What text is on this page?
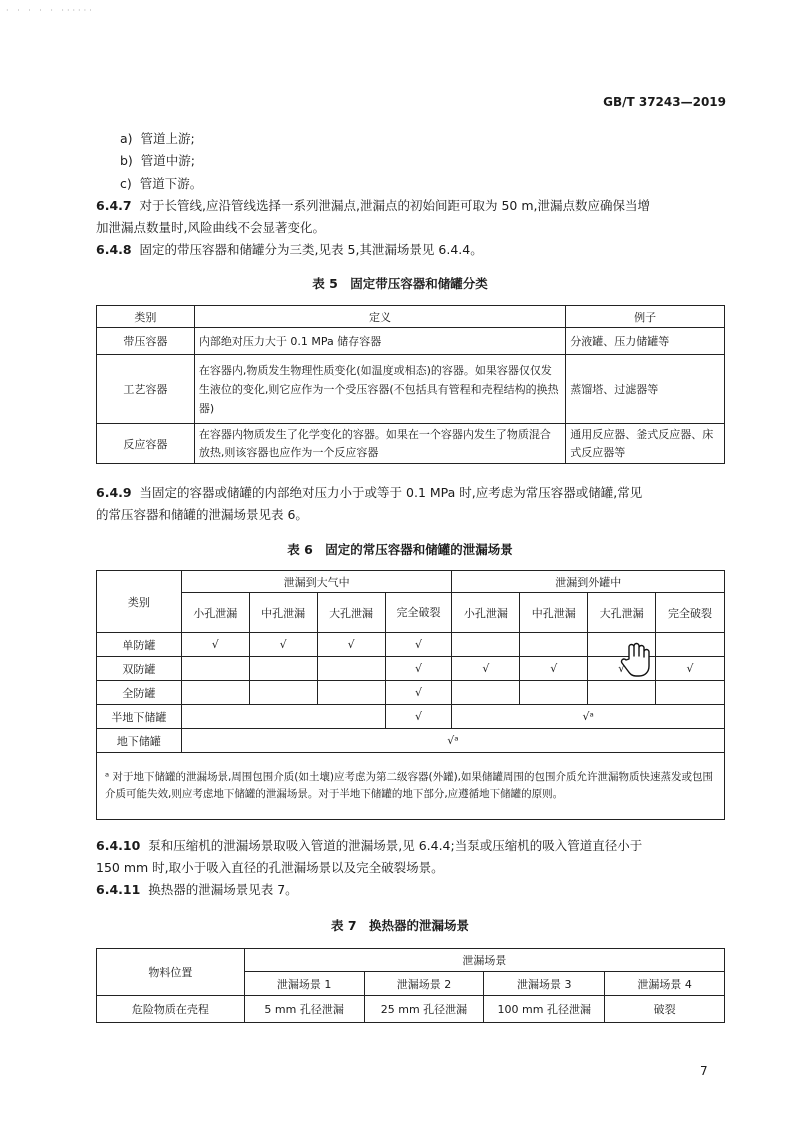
· · · · · ······
GB/T 37243—2019
a) 管道上游;
b) 管道中游;
c) 管道下游。
6.4.7 对于长管线,应沿管线选择一系列泄漏点,泄漏点的初始间距可取为 50 m,泄漏点数应确保当增
加泄漏点数量时,风险曲线不会显著变化。
6.4.8 固定的带压容器和储罐分为三类,见表 5,其泄漏场景见 6.4.4。
表 5　固定带压容器和储罐分类
类别	定义	例子
带压容器	内部绝对压力大于 0.1 MPa 储存容器	分液罐、压力储罐等
工艺容器	在容器内,物质发生物理性质变化(如温度或相态)的容器。如果容器仅仅发生液位的变化,则它应作为一个受压容器(不包括具有管程和壳程结构的换热器)	蒸馏塔、过滤器等
反应容器	在容器内物质发生了化学变化的容器。如果在一个容器内发生了物质混合放热,则该容器也应作为一个反应容器	通用反应器、釜式反应器、床式反应器等
6.4.9 当固定的容器或储罐的内部绝对压力小于或等于 0.1 MPa 时,应考虑为常压容器或储罐,常见
的常压容器和储罐的泄漏场景见表 6。
表 6　固定的常压容器和储罐的泄漏场景
类别	泄漏到大气中				泄漏到外罐中			
	小孔泄漏	中孔泄漏	大孔泄漏	完全破裂	小孔泄漏	中孔泄漏	大孔泄漏	完全破裂
单防罐	√	√	√	√				
双防罐				√	√	√	√	√
全防罐				√				
半地下储罐				√	√ᵃ			
地下储罐	√ᵃ							
ᵃ 对于地下储罐的泄漏场景,周围包围介质(如土壤)应考虑为第二级容器(外罐),如果储罐周围的包围介质允许泄漏物质快速蒸发或包围介质可能失效,则应考虑地下储罐的泄漏场景。对于半地下储罐的地下部分,应遵循地下储罐的原则。								
6.4.10 泵和压缩机的泄漏场景取吸入管道的泄漏场景,见 6.4.4;当泵或压缩机的吸入管道直径小于
150 mm 时,取小于吸入直径的孔泄漏场景以及完全破裂场景。
6.4.11 换热器的泄漏场景见表 7。
表 7　换热器的泄漏场景
物料位置	泄漏场景			
	泄漏场景 1	泄漏场景 2	泄漏场景 3	泄漏场景 4
危险物质在壳程	5 mm 孔径泄漏	25 mm 孔径泄漏	100 mm 孔径泄漏	破裂
7
